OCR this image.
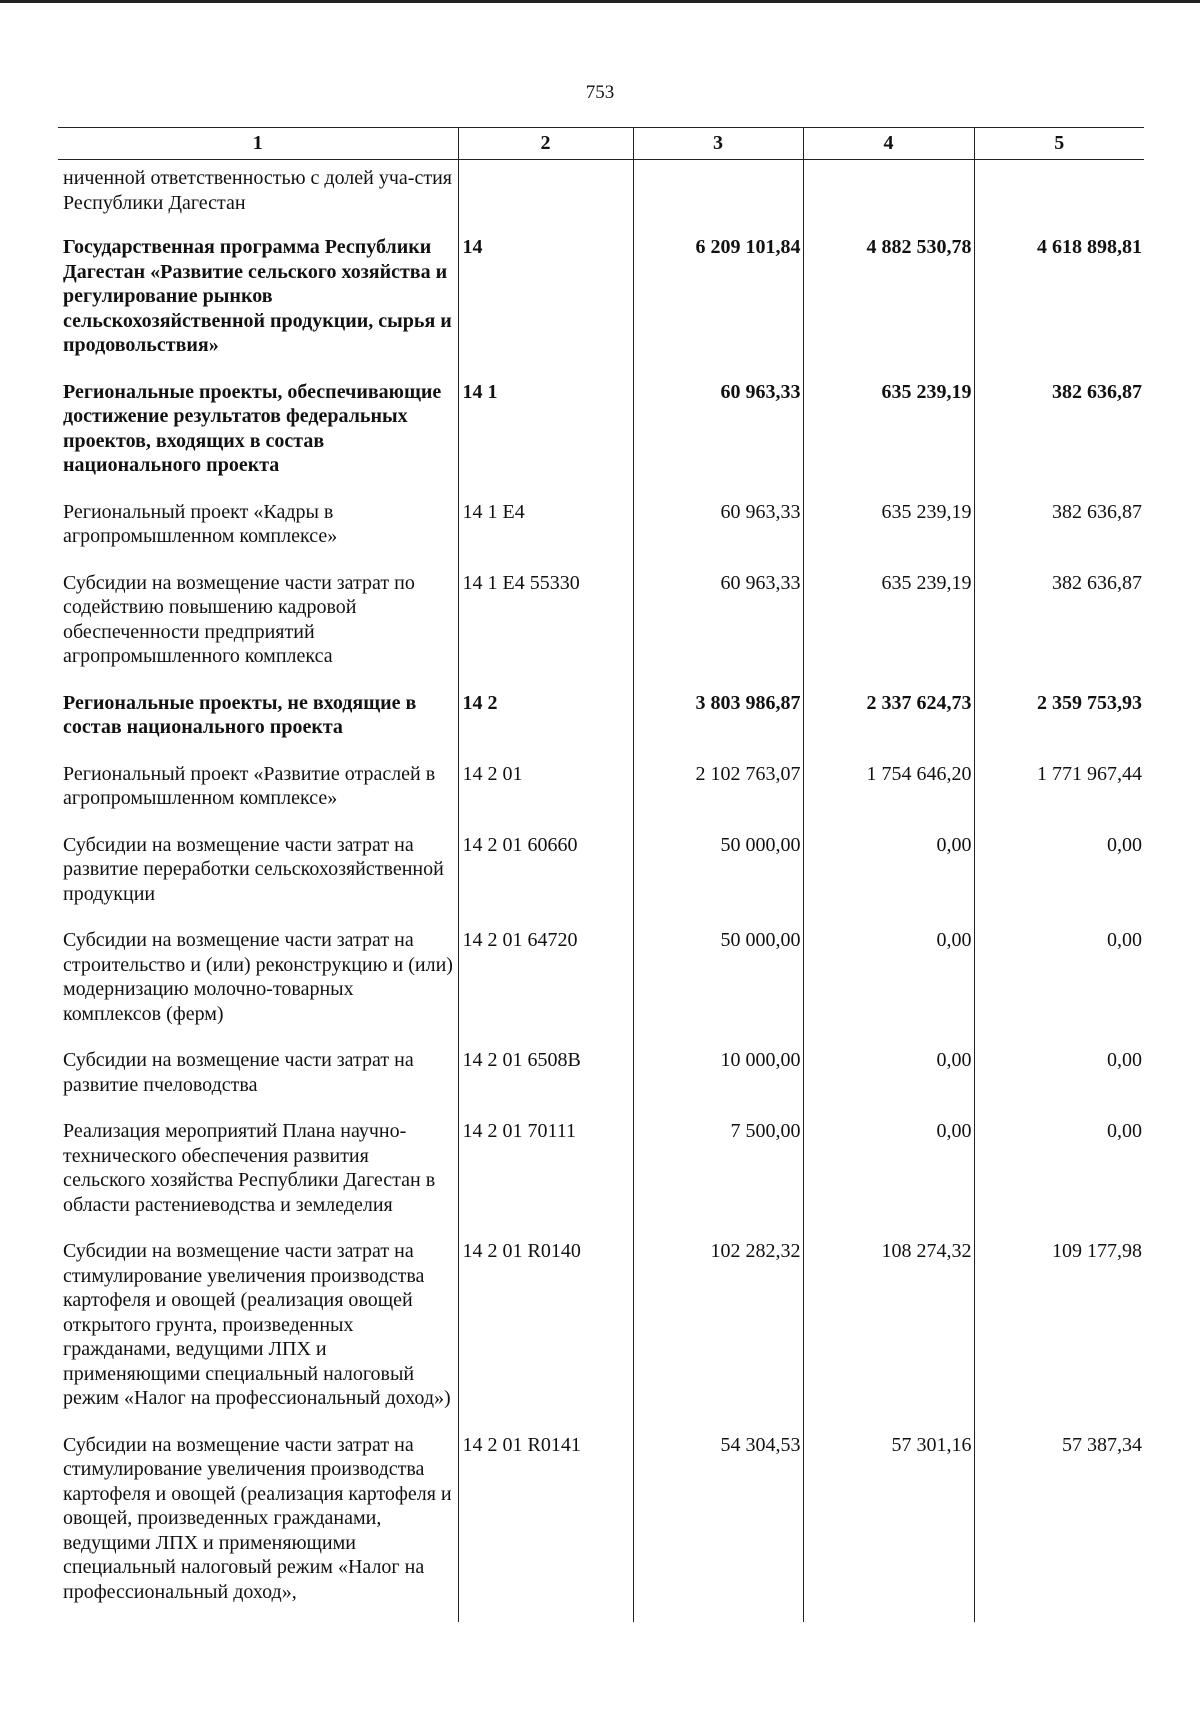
753
1	2	3	4	5
ниченной ответственностью с долей уча-стия Республики Дагестан				
Государственная программа Республики Дагестан «Развитие сельского хозяйства и регулирование рынков сельскохозяйственной продукции, сырья и продовольствия»	14	6 209 101,84	4 882 530,78	4 618 898,81
Региональные проекты, обеспечивающие достижение результатов федеральных проектов, входящих в состав национального проекта	14 1	60 963,33	635 239,19	382 636,87
Региональный проект «Кадры в агропромышленном комплексе»	14 1 E4	60 963,33	635 239,19	382 636,87
Субсидии на возмещение части затрат по содействию повышению кадровой обеспеченности предприятий агропромышленного комплекса	14 1 E4 55330	60 963,33	635 239,19	382 636,87
Региональные проекты, не входящие в состав национального проекта	14 2	3 803 986,87	2 337 624,73	2 359 753,93
Региональный проект «Развитие отраслей в агропромышленном комплексе»	14 2 01	2 102 763,07	1 754 646,20	1 771 967,44
Субсидии на возмещение части затрат на развитие переработки сельскохозяйственной продукции	14 2 01 60660	50 000,00	0,00	0,00
Субсидии на возмещение части затрат на строительство и (или) реконструкцию и (или) модернизацию молочно-товарных комплексов (ферм)	14 2 01 64720	50 000,00	0,00	0,00
Субсидии на возмещение части затрат на развитие пчеловодства	14 2 01 6508B	10 000,00	0,00	0,00
Реализация мероприятий Плана научно-технического обеспечения развития сельского хозяйства Республики Дагестан в области растениеводства и земледелия	14 2 01 70111	7 500,00	0,00	0,00
Субсидии на возмещение части затрат на стимулирование увеличения производства картофеля и овощей (реализация овощей открытого грунта, произведенных гражданами, ведущими ЛПХ и применяющими специальный налоговый режим «Налог на профессиональный доход»)	14 2 01 R0140	102 282,32	108 274,32	109 177,98
Субсидии на возмещение части затрат на стимулирование увеличения производства картофеля и овощей (реализация картофеля и овощей, произведенных гражданами, ведущими ЛПХ и применяющими специальный налоговый режим «Налог на профессиональный доход»,	14 2 01 R0141	54 304,53	57 301,16	57 387,34
